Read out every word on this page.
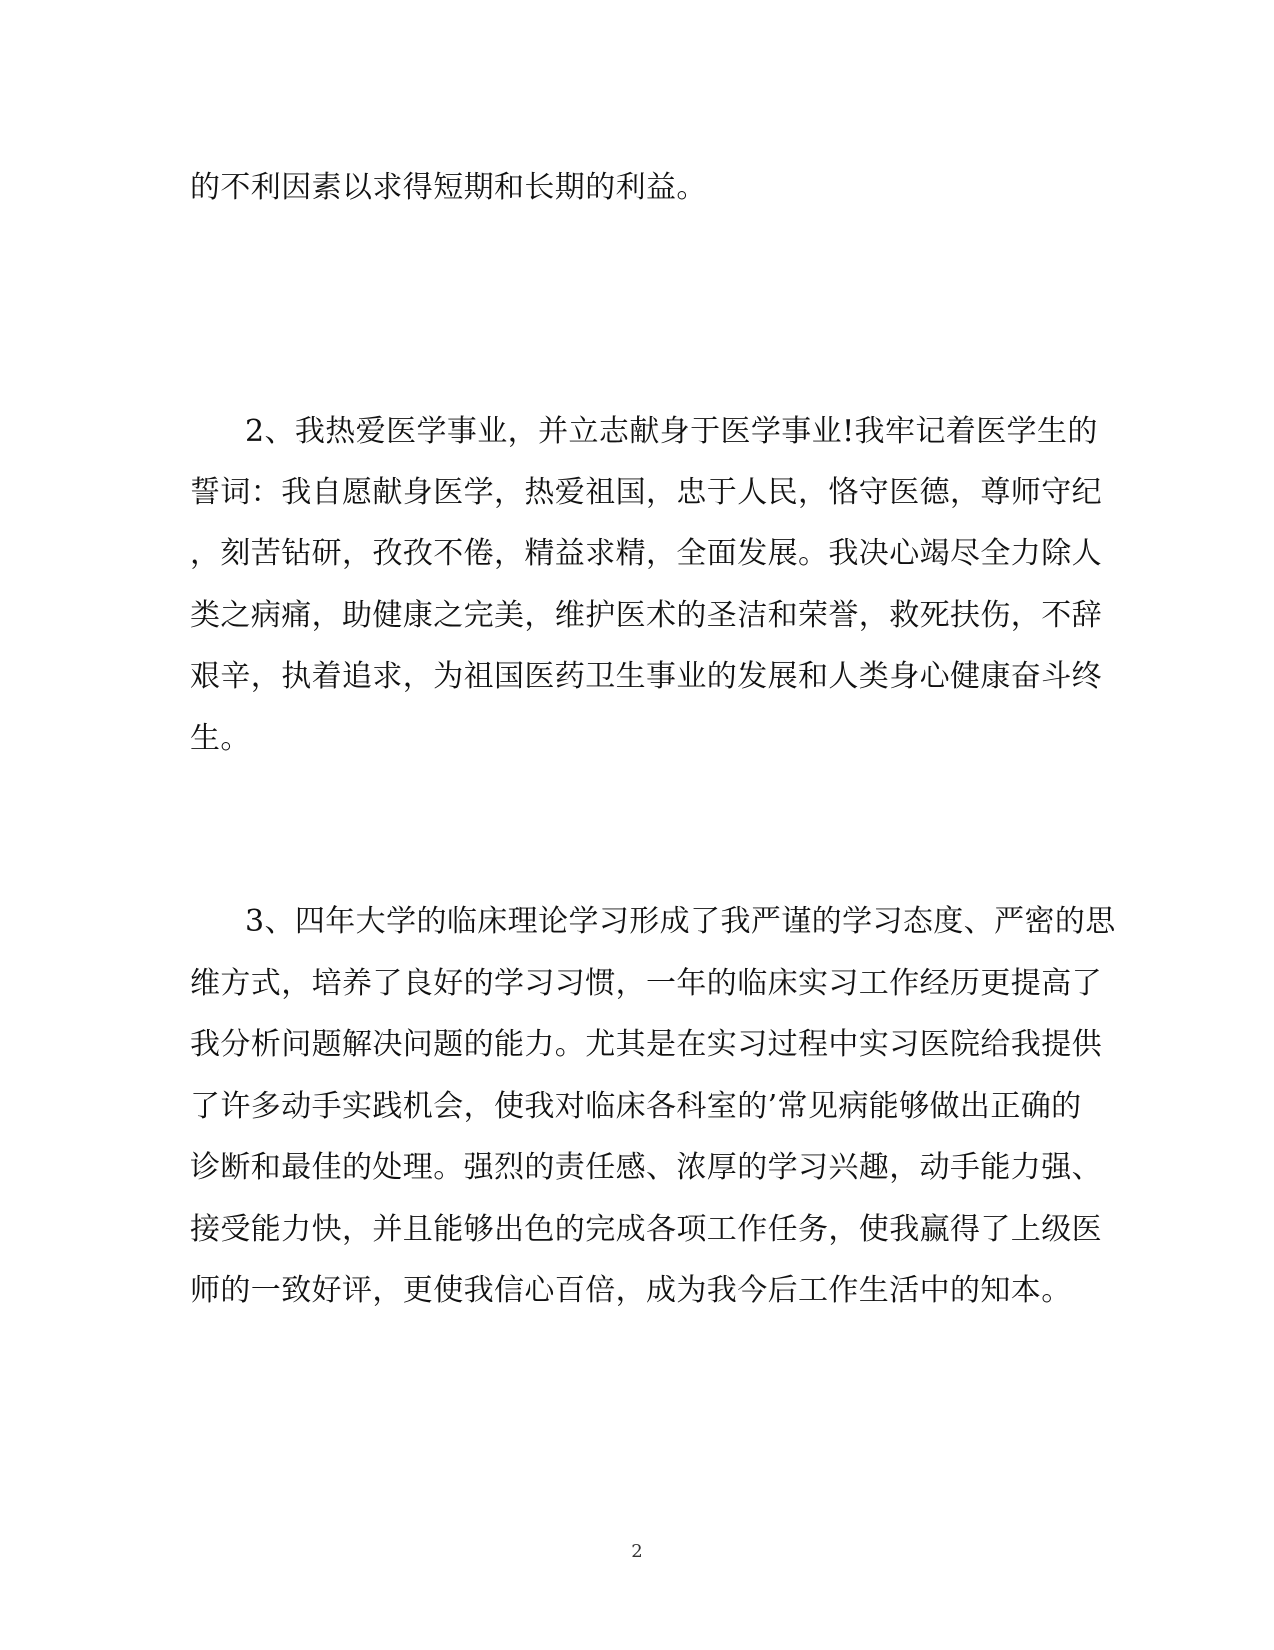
的不利因素以求得短期和长期的利益。
2、我热爱医学事业，并立志献身于医学事业!我牢记着医学生的
誓词：我自愿献身医学，热爱祖国，忠于人民，恪守医德，尊师守纪
，刻苦钻研，孜孜不倦，精益求精，全面发展。我决心竭尽全力除人
类之病痛，助健康之完美，维护医术的圣洁和荣誉，救死扶伤，不辞
艰辛，执着追求，为祖国医药卫生事业的发展和人类身心健康奋斗终
生。
3、四年大学的临床理论学习形成了我严谨的学习态度、严密的思
维方式，培养了良好的学习习惯，一年的临床实习工作经历更提高了
我分析问题解决问题的能力。尤其是在实习过程中实习医院给我提供
了许多动手实践机会，使我对临床各科室的’常见病能够做出正确的
诊断和最佳的处理。强烈的责任感、浓厚的学习兴趣，动手能力强、
接受能力快，并且能够出色的完成各项工作任务，使我赢得了上级医
师的一致好评，更使我信心百倍，成为我今后工作生活中的知本。
2
